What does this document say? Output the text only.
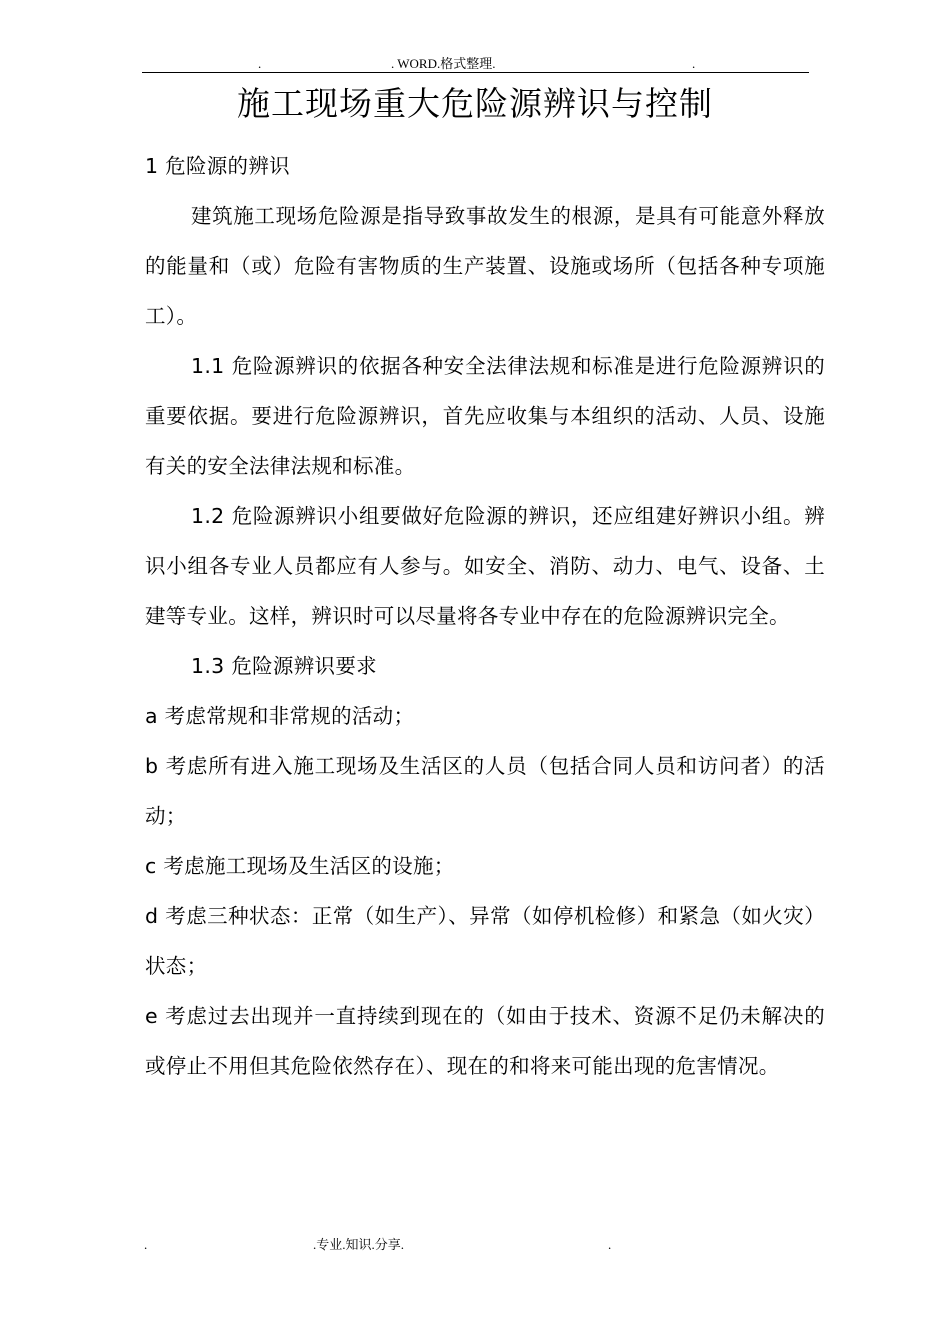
.	. WORD.格式整理.	.
施工现场重大危险源辨识与控制

1 危险源的辨识

建筑施工现场危险源是指导致事故发生的根源，是具有可能意外释放的能量和（或）危险有害物质的生产装置、设施或场所（包括各种专项施工）。

1.1 危险源辨识的依据各种安全法律法规和标准是进行危险源辨识的重要依据。要进行危险源辨识，首先应收集与本组织的活动、人员、设施有关的安全法律法规和标准。

1.2 危险源辨识小组要做好危险源的辨识，还应组建好辨识小组。辨识小组各专业人员都应有人参与。如安全、消防、动力、电气、设备、土建等专业。这样，辨识时可以尽量将各专业中存在的危险源辨识完全。

1.3 危险源辨识要求

a 考虑常规和非常规的活动；

b 考虑所有进入施工现场及生活区的人员（包括合同人员和访问者）的活动；

c 考虑施工现场及生活区的设施；

d 考虑三种状态：正常（如生产）、异常（如停机检修）和紧急（如火灾）状态；

e 考虑过去出现并一直持续到现在的（如由于技术、资源不足仍未解决的或停止不用但其危险依然存在）、现在的和将来可能出现的危害情况。

.	.专业.知识.分享.	.
